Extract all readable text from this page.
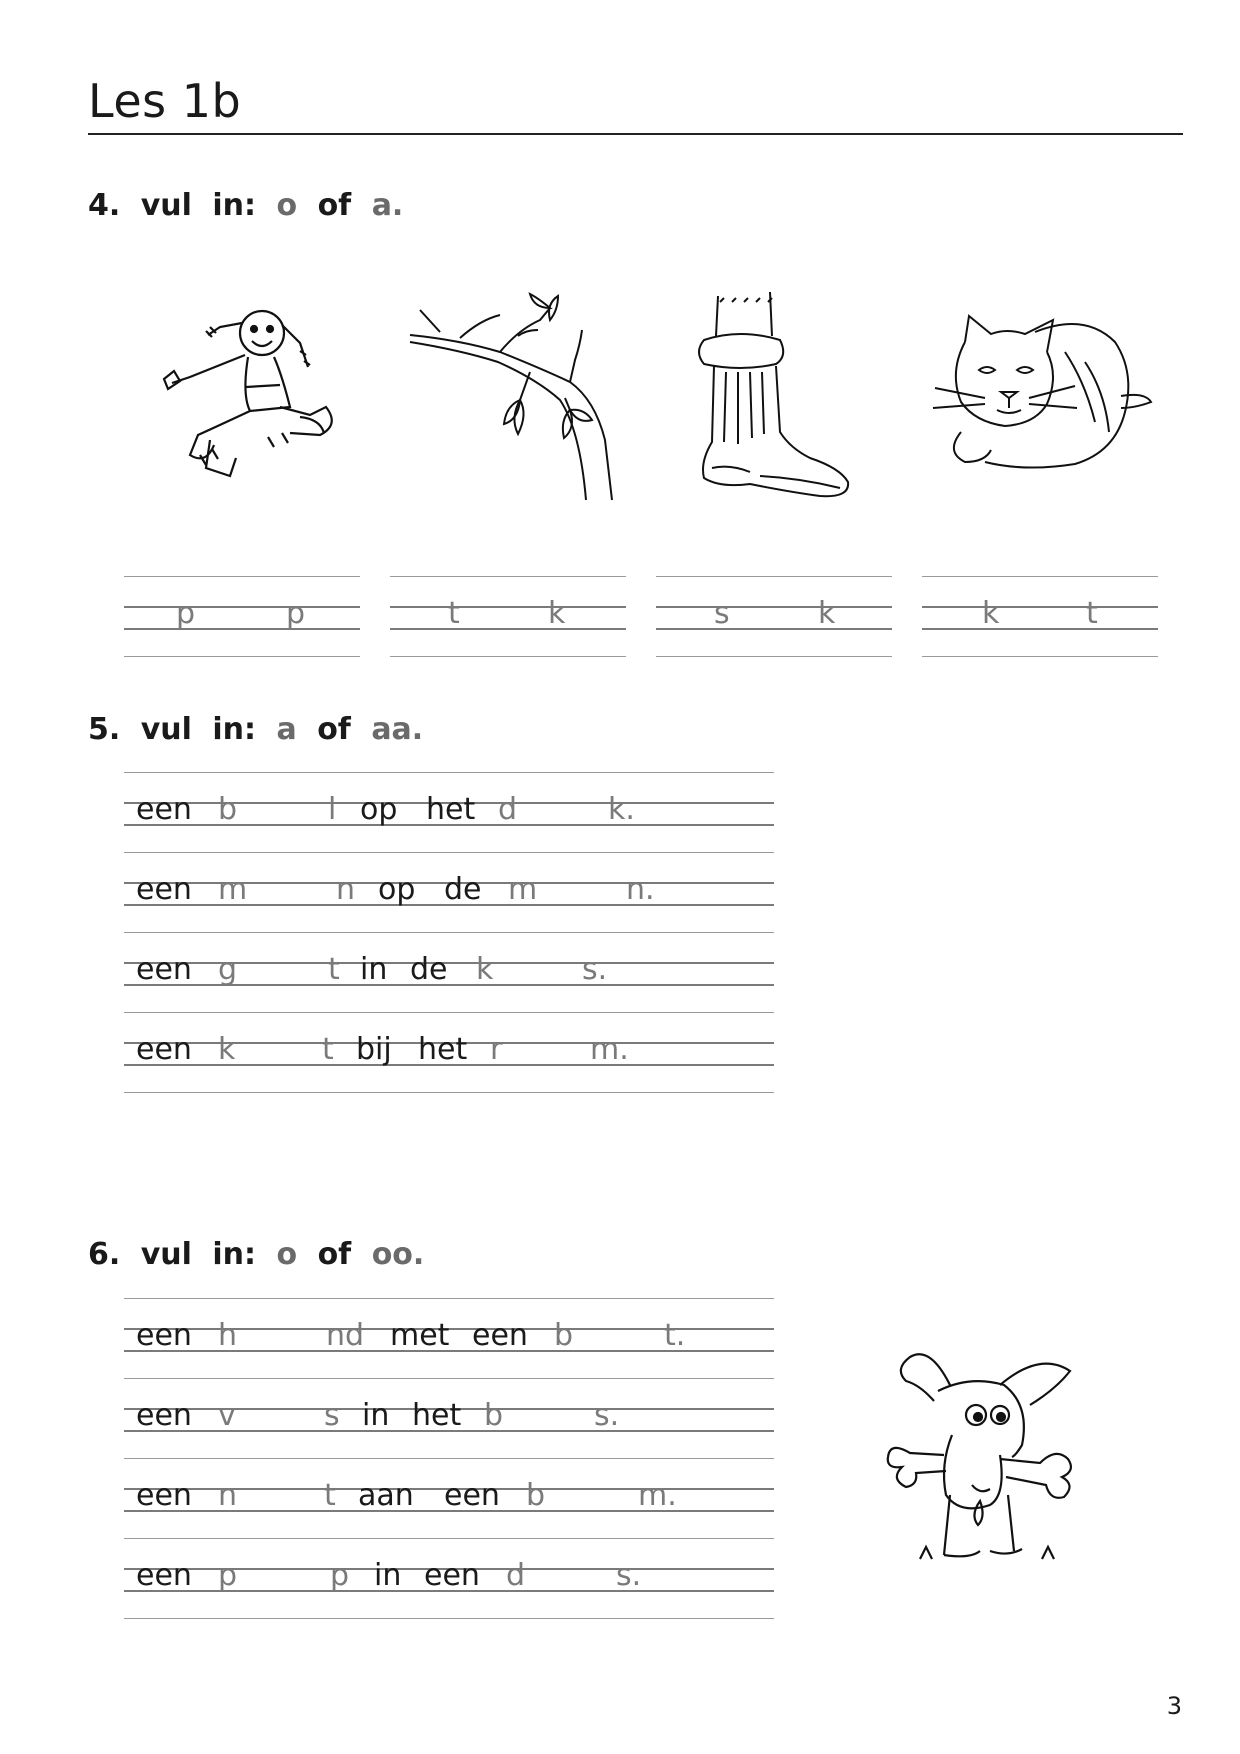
Les 1b
4. vul in: o of a.
p	p	t	k	s	k	k	t
5. vul in: a of aa.
een b	l op het d	k.
een m	n op de m	n.
een g	t in de k	s.
een k	t bij het r	m.
6. vul in: o of oo.
een h	nd met een b	t.
een v	s in het b	s.
een n	t aan een b	m.
een p	p in een d	s.
3
